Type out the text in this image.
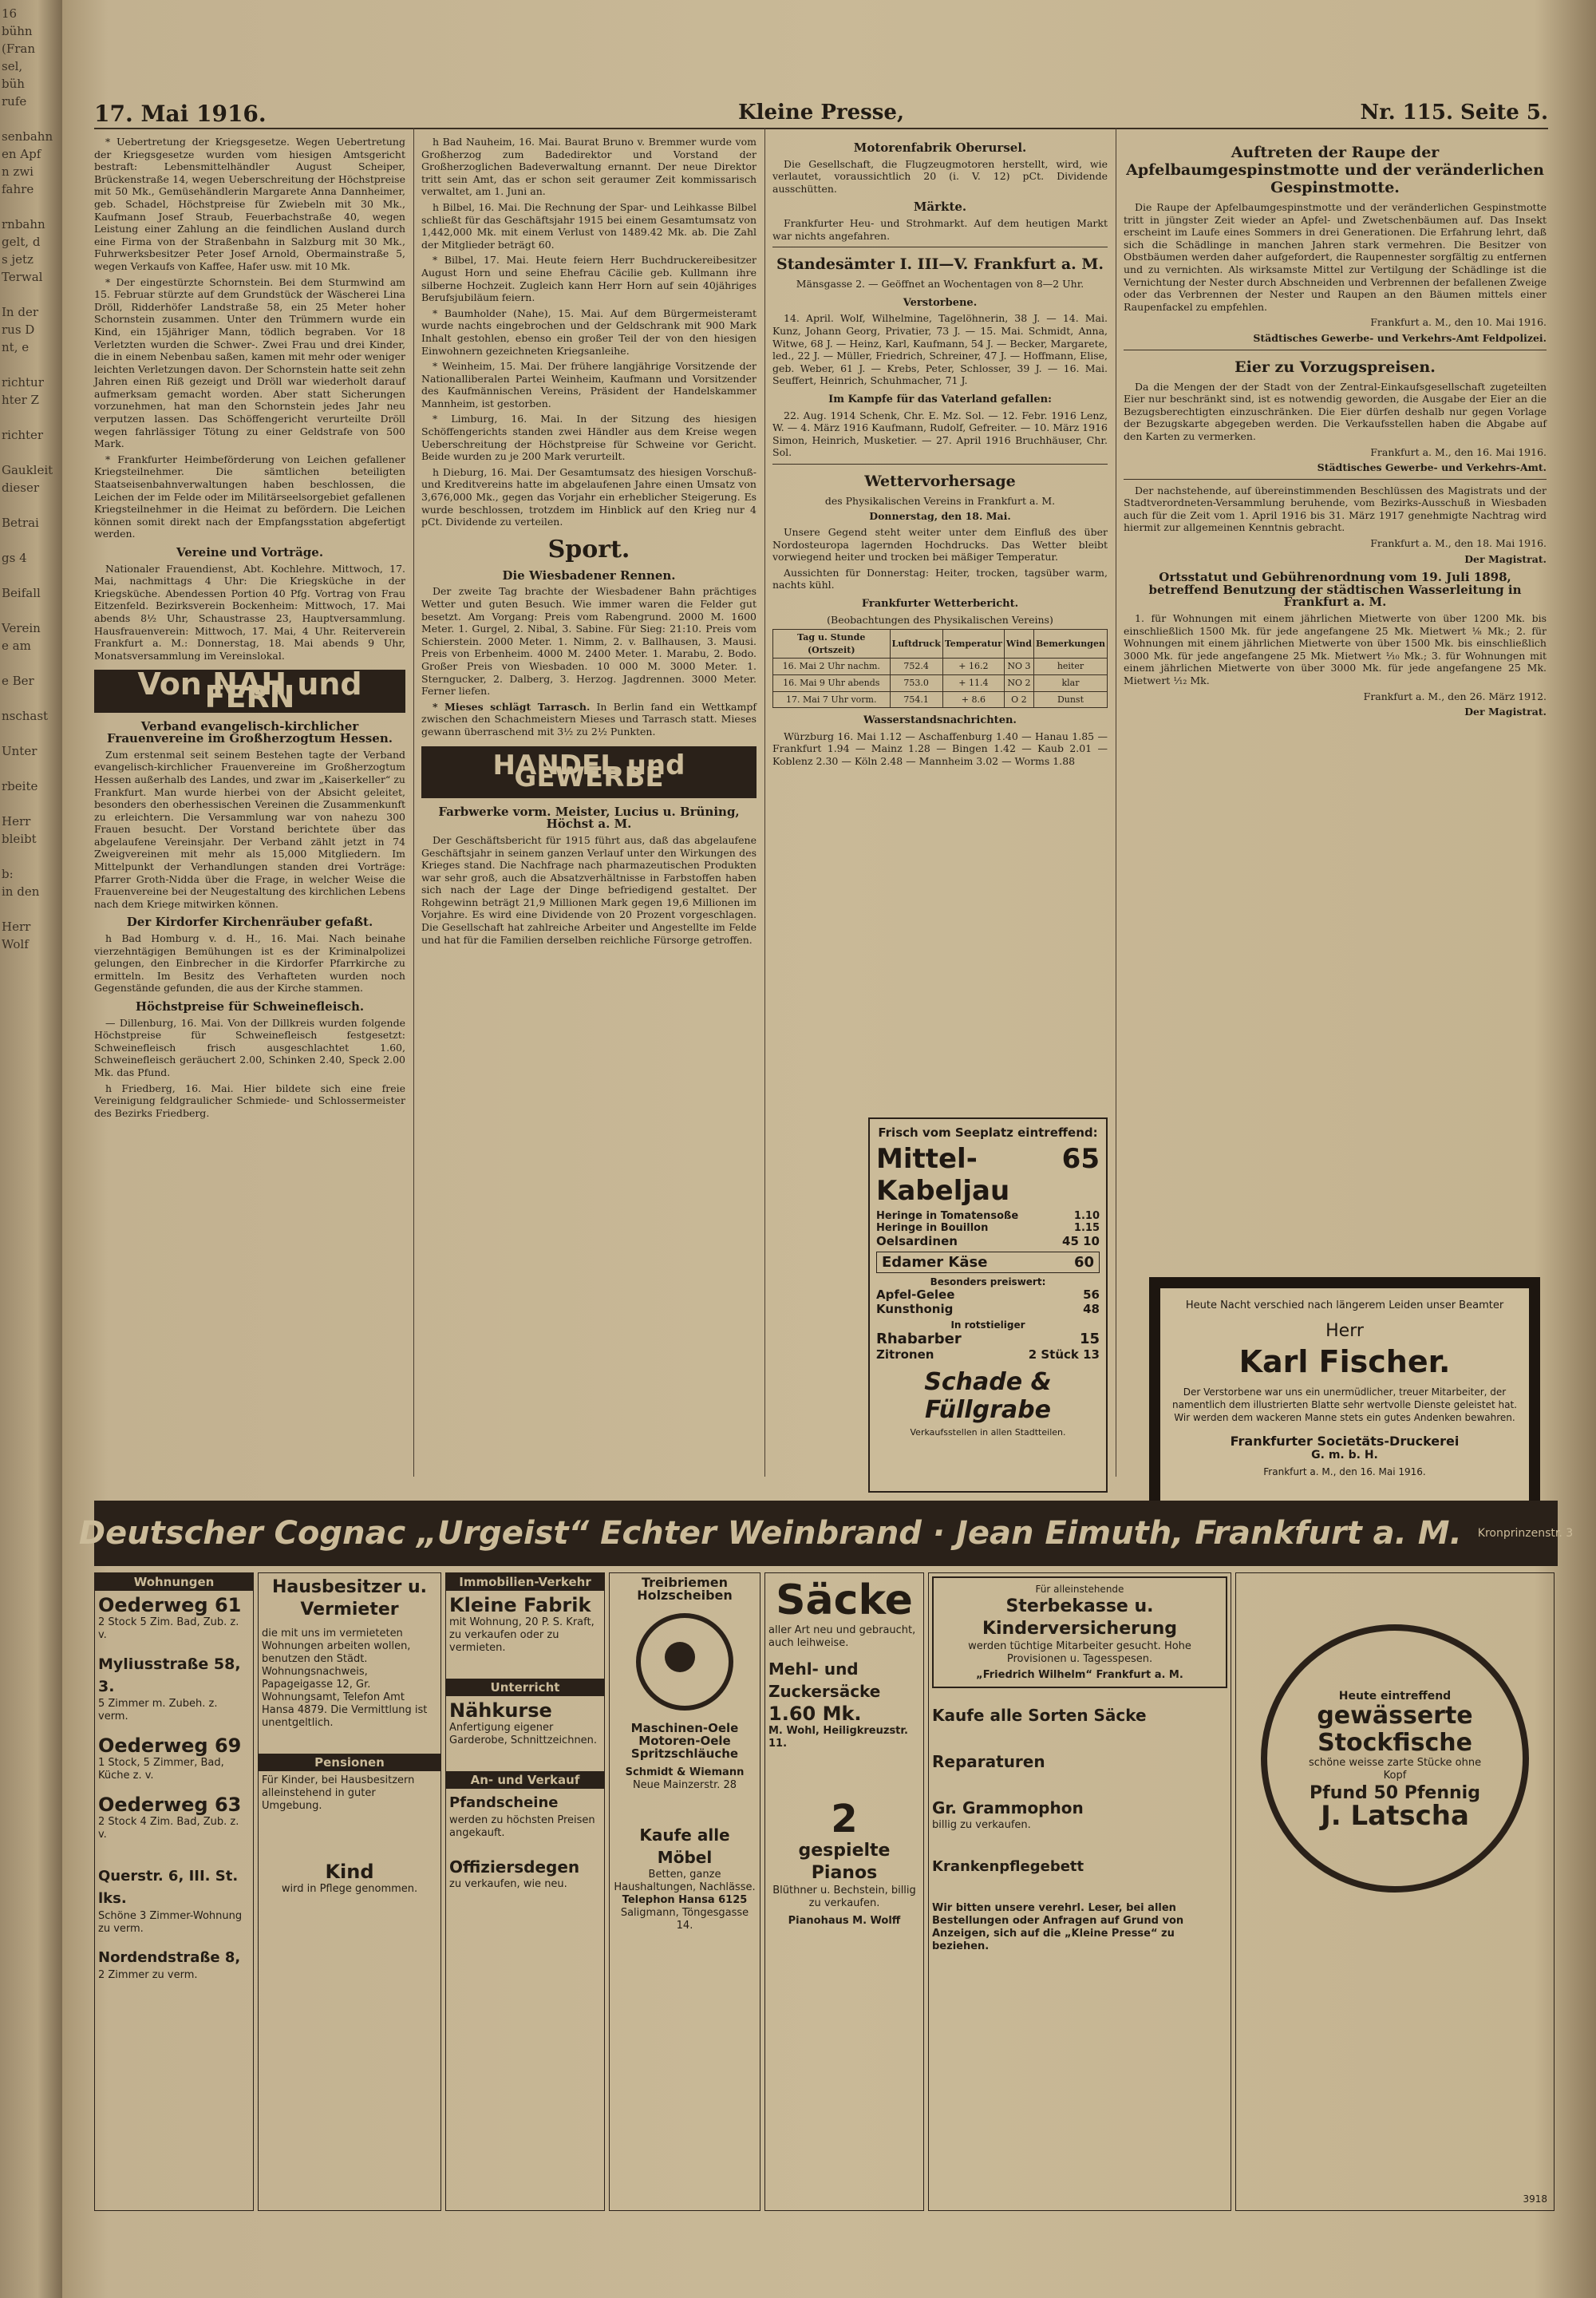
16
bühn
(Fran
sel,
büh
rufe

senbahn
en Apf
n zwi
fahre

rnbahn
gelt, d
s jetz
Terwal

In der
rus D
nt, e

richtur
hter Z

richter

Gaukleit
dieser

Betrai

gs 4

Beifall

Verein
e am

e Ber

nschast

Unter

rbeite

Herr
bleibt

b:
in den

Herr
Wolf
17. Mai 1916.	Kleine Presse,	Nr. 115. Seite 5.

* Uebertretung der Kriegsgesetze. Wegen Uebertretung der Kriegsgesetze wurden vom hiesigen Amtsgericht bestraft: Lebensmittelhändler August Scheiper, Brückenstraße 14, wegen Ueberschreitung der Höchstpreise mit 50 Mk., Gemüsehändlerin Margarete Anna Dannheimer, geb. Schadel, Höchstpreise für Zwiebeln mit 30 Mk., Kaufmann Josef Straub, Feuerbachstraße 40, wegen Leistung einer Zahlung an die feindlichen Ausland durch eine Firma von der Straßenbahn in Salzburg mit 30 Mk., Fuhrwerksbesitzer Peter Josef Arnold, Obermainstraße 5, wegen Verkaufs von Kaffee, Hafer usw. mit 10 Mk.

* Der eingestürzte Schornstein. Bei dem Sturmwind am 15. Februar stürzte auf dem Grundstück der Wäscherei Lina Dröll, Ridderhöfer Landstraße 58, ein 25 Meter hoher Schornstein zusammen. Unter den Trümmern wurde ein Kind, ein 15jähriger Mann, tödlich begraben. Vor 18 Verletzten wurden die Schwer-. Zwei Frau und drei Kinder, die in einem Nebenbau saßen, kamen mit mehr oder weniger leichten Verletzungen davon. Der Schornstein hatte seit zehn Jahren einen Riß gezeigt und Dröll war wiederholt darauf aufmerksam gemacht worden. Aber statt Sicherungen vorzunehmen, hat man den Schornstein jedes Jahr neu verputzen lassen. Das Schöffengericht verurteilte Dröll wegen fahrlässiger Tötung zu einer Geldstrafe von 500 Mark.

* Frankfurter Heimbeförderung von Leichen gefallener Kriegsteilnehmer. Die sämtlichen beteiligten Staatseisenbahnverwaltungen haben beschlossen, die Leichen der im Felde oder im Militärseelsorgebiet gefallenen Kriegsteilnehmer in die Heimat zu befördern. Die Leichen können somit direkt nach der Empfangsstation abgefertigt werden.

Vereine und Vorträge.

Nationaler Frauendienst, Abt. Kochlehre. Mittwoch, 17. Mai, nachmittags 4 Uhr: Die Kriegsküche in der Kriegsküche. Abendessen Portion 40 Pfg. Vortrag von Frau Eitzenfeld. Bezirksverein Bockenheim: Mittwoch, 17. Mai abends 8½ Uhr, Schaustrasse 23, Hauptversammlung. Hausfrauenverein: Mittwoch, 17. Mai, 4 Uhr. Reiterverein Frankfurt a. M.: Donnerstag, 18. Mai abends 9 Uhr, Monatsversammlung im Vereinslokal.

Von NAH und FERN
Verband evangelisch-kirchlicher Frauenvereine im Großherzogtum Hessen.

Zum erstenmal seit seinem Bestehen tagte der Verband evangelisch-kirchlicher Frauenvereine im Großherzogtum Hessen außerhalb des Landes, und zwar im „Kaiserkeller“ zu Frankfurt. Man wurde hierbei von der Absicht geleitet, besonders den oberhessischen Vereinen die Zusammenkunft zu erleichtern. Die Versammlung war von nahezu 300 Frauen besucht. Der Vorstand berichtete über das abgelaufene Vereinsjahr. Der Verband zählt jetzt in 74 Zweigvereinen mit mehr als 15,000 Mitgliedern. Im Mittelpunkt der Verhandlungen standen drei Vorträge: Pfarrer Groth-Nidda über die Frage, in welcher Weise die Frauenvereine bei der Neugestaltung des kirchlichen Lebens nach dem Kriege mitwirken können.

Der Kirdorfer Kirchenräuber gefaßt.

h Bad Homburg v. d. H., 16. Mai. Nach beinahe vierzehntägigen Bemühungen ist es der Kriminalpolizei gelungen, den Einbrecher in die Kirdorfer Pfarrkirche zu ermitteln. Im Besitz des Verhafteten wurden noch Gegenstände gefunden, die aus der Kirche stammen.

Höchstpreise für Schweinefleisch.

— Dillenburg, 16. Mai. Von der Dillkreis wurden folgende Höchstpreise für Schweinefleisch festgesetzt: Schweinefleisch frisch ausgeschlachtet 1.60, Schweinefleisch geräuchert 2.00, Schinken 2.40, Speck 2.00 Mk. das Pfund.

h Friedberg, 16. Mai. Hier bildete sich eine freie Vereinigung feldgraulicher Schmiede- und Schlossermeister des Bezirks Friedberg.

h Bad Nauheim, 16. Mai. Baurat Bruno v. Bremmer wurde vom Großherzog zum Badedirektor und Vorstand der Großherzoglichen Badeverwaltung ernannt. Der neue Direktor tritt sein Amt, das er schon seit geraumer Zeit kommissarisch verwaltet, am 1. Juni an.

h Bilbel, 16. Mai. Die Rechnung der Spar- und Leihkasse Bilbel schließt für das Geschäftsjahr 1915 bei einem Gesamtumsatz von 1,442,000 Mk. mit einem Verlust von 1489.42 Mk. ab. Die Zahl der Mitglieder beträgt 60.

* Bilbel, 17. Mai. Heute feiern Herr Buchdruckereibesitzer August Horn und seine Ehefrau Cäcilie geb. Kullmann ihre silberne Hochzeit. Zugleich kann Herr Horn auf sein 40jähriges Berufsjubiläum feiern.

* Baumholder (Nahe), 15. Mai. Auf dem Bürgermeisteramt wurde nachts eingebrochen und der Geldschrank mit 900 Mark Inhalt gestohlen, ebenso ein großer Teil der von den hiesigen Einwohnern gezeichneten Kriegsanleihe.

* Weinheim, 15. Mai. Der frühere langjährige Vorsitzende der Nationalliberalen Partei Weinheim, Kaufmann und Vorsitzender des Kaufmännischen Vereins, Präsident der Handelskammer Mannheim, ist gestorben.

* Limburg, 16. Mai. In der Sitzung des hiesigen Schöffengerichts standen zwei Händler aus dem Kreise wegen Ueberschreitung der Höchstpreise für Schweine vor Gericht. Beide wurden zu je 200 Mark verurteilt.

h Dieburg, 16. Mai. Der Gesamtumsatz des hiesigen Vorschuß- und Kreditvereins hatte im abgelaufenen Jahre einen Umsatz von 3,676,000 Mk., gegen das Vorjahr ein erheblicher Steigerung. Es wurde beschlossen, trotzdem im Hinblick auf den Krieg nur 4 pCt. Dividende zu verteilen.

Sport.
Die Wiesbadener Rennen.

Der zweite Tag brachte der Wiesbadener Bahn prächtiges Wetter und guten Besuch. Wie immer waren die Felder gut besetzt. Am Vorgang: Preis vom Rabengrund. 2000 M. 1600 Meter. 1. Gurgel, 2. Nibal, 3. Sabine. Für Sieg: 21:10. Preis vom Schierstein. 2000 Meter. 1. Nimm, 2. v. Ballhausen, 3. Mausi. Preis von Erbenheim. 4000 M. 2400 Meter. 1. Marabu, 2. Bodo. Großer Preis von Wiesbaden. 10 000 M. 3000 Meter. 1. Sterngucker, 2. Dalberg, 3. Herzog. Jagdrennen. 3000 Meter. Ferner liefen.

* Mieses schlägt Tarrasch. In Berlin fand ein Wettkampf zwischen den Schachmeistern Mieses und Tarrasch statt. Mieses gewann überraschend mit 3½ zu 2½ Punkten.

HANDEL und GEWERBE
Farbwerke vorm. Meister, Lucius u. Brüning, Höchst a. M.

Der Geschäftsbericht für 1915 führt aus, daß das abgelaufene Geschäftsjahr in seinem ganzen Verlauf unter den Wirkungen des Krieges stand. Die Nachfrage nach pharmazeutischen Produkten war sehr groß, auch die Absatzverhältnisse in Farbstoffen haben sich nach der Lage der Dinge befriedigend gestaltet. Der Rohgewinn beträgt 21,9 Millionen Mark gegen 19,6 Millionen im Vorjahre. Es wird eine Dividende von 20 Prozent vorgeschlagen. Die Gesellschaft hat zahlreiche Arbeiter und Angestellte im Felde und hat für die Familien derselben reichliche Fürsorge getroffen.

Motorenfabrik Oberursel.

Die Gesellschaft, die Flugzeugmotoren herstellt, wird, wie verlautet, voraussichtlich 20 (i. V. 12) pCt. Dividende ausschütten.

Märkte.

Frankfurter Heu- und Strohmarkt. Auf dem heutigen Markt war nichts angefahren.

Standesämter I. III—V. Frankfurt a. M.

Mänsgasse 2. — Geöffnet an Wochentagen von 8—2 Uhr.

Verstorbene.

14. April. Wolf, Wilhelmine, Tagelöhnerin, 38 J. — 14. Mai. Kunz, Johann Georg, Privatier, 73 J. — 15. Mai. Schmidt, Anna, Witwe, 68 J. — Heinz, Karl, Kaufmann, 54 J. — Becker, Margarete, led., 22 J. — Müller, Friedrich, Schreiner, 47 J. — Hoffmann, Elise, geb. Weber, 61 J. — Krebs, Peter, Schlosser, 39 J. — 16. Mai. Seuffert, Heinrich, Schuhmacher, 71 J.

Im Kampfe für das Vaterland gefallen:

22. Aug. 1914 Schenk, Chr. E. Mz. Sol. — 12. Febr. 1916 Lenz, W. — 4. März 1916 Kaufmann, Rudolf, Gefreiter. — 10. März 1916 Simon, Heinrich, Musketier. — 27. April 1916 Bruchhäuser, Chr. Sol.

Wettervorhersage

des Physikalischen Vereins in Frankfurt a. M.

Donnerstag, den 18. Mai.

Unsere Gegend steht weiter unter dem Einfluß des über Nordosteuropa lagernden Hochdrucks. Das Wetter bleibt vorwiegend heiter und trocken bei mäßiger Temperatur.

Aussichten für Donnerstag: Heiter, trocken, tagsüber warm, nachts kühl.

Frankfurter Wetterbericht.

(Beobachtungen des Physikalischen Vereins)

Tag u. Stunde (Ortszeit)	Luftdruck	Temperatur	Wind	Bemerkungen
16. Mai 2 Uhr nachm.	752.4	+ 16.2	NO 3	heiter
16. Mai 9 Uhr abends	753.0	+ 11.4	NO 2	klar
17. Mai 7 Uhr vorm.	754.1	+ 8.6	O 2	Dunst
Wasserstandsnachrichten.

Würzburg 16. Mai 1.12 — Aschaffenburg 1.40 — Hanau 1.85 — Frankfurt 1.94 — Mainz 1.28 — Bingen 1.42 — Kaub 2.01 — Koblenz 2.30 — Köln 2.48 — Mannheim 3.02 — Worms 1.88

Frisch vom Seeplatz eintreffend:
Mittel-Kabeljau
65
Heringe in Tomatensoße	1.10
Heringe in Bouillon	1.15
Oelsardinen	45 10
Edamer Käse	60
Besonders preiswert:
Apfel-Gelee	56
Kunsthonig	48
In rotstieliger
Rhabarber	15
Zitronen	2 Stück 13
Schade & Füllgrabe
Verkaufsstellen in allen Stadtteilen.
Auftreten der Raupe der Apfelbaumgespinstmotte und der veränderlichen Gespinstmotte.

Die Raupe der Apfelbaumgespinstmotte und der veränderlichen Gespinstmotte tritt in jüngster Zeit wieder an Apfel- und Zwetschenbäumen auf. Das Insekt erscheint im Laufe eines Sommers in drei Generationen. Die Erfahrung lehrt, daß sich die Schädlinge in manchen Jahren stark vermehren. Die Besitzer von Obstbäumen werden daher aufgefordert, die Raupennester sorgfältig zu entfernen und zu vernichten. Als wirksamste Mittel zur Vertilgung der Schädlinge ist die Vernichtung der Nester durch Abschneiden und Verbrennen der befallenen Zweige oder das Verbrennen der Nester und Raupen an den Bäumen mittels einer Raupenfackel zu empfehlen.

Frankfurt a. M., den 10. Mai 1916.

Städtisches Gewerbe- und Verkehrs-Amt Feldpolizei.

Eier zu Vorzugspreisen.

Da die Mengen der der Stadt von der Zentral-Einkaufsgesellschaft zugeteilten Eier nur beschränkt sind, ist es notwendig geworden, die Ausgabe der Eier an die Bezugsberechtigten einzuschränken. Die Eier dürfen deshalb nur gegen Vorlage der Bezugskarte abgegeben werden. Die Verkaufsstellen haben die Abgabe auf den Karten zu vermerken.

Frankfurt a. M., den 16. Mai 1916.

Städtisches Gewerbe- und Verkehrs-Amt.

Der nachstehende, auf übereinstimmenden Beschlüssen des Magistrats und der Stadtverordneten-Versammlung beruhende, vom Bezirks-Ausschuß in Wiesbaden auch für die Zeit vom 1. April 1916 bis 31. März 1917 genehmigte Nachtrag wird hiermit zur allgemeinen Kenntnis gebracht.

Frankfurt a. M., den 18. Mai 1916.

Der Magistrat.

Ortsstatut und Gebührenordnung vom 19. Juli 1898, betreffend Benutzung der städtischen Wasserleitung in Frankfurt a. M.

1. für Wohnungen mit einem jährlichen Mietwerte von über 1200 Mk. bis einschließlich 1500 Mk. für jede angefangene 25 Mk. Mietwert ⅛ Mk.; 2. für Wohnungen mit einem jährlichen Mietwerte von über 1500 Mk. bis einschließlich 3000 Mk. für jede angefangene 25 Mk. Mietwert ⅟₁₀ Mk.; 3. für Wohnungen mit einem jährlichen Mietwerte von über 3000 Mk. für jede angefangene 25 Mk. Mietwert ⅟₁₂ Mk.

Frankfurt a. M., den 26. März 1912.

Der Magistrat.

Heute Nacht verschied nach längerem Leiden unser Beamter
Herr
Karl Fischer.
Der Verstorbene war uns ein unermüdlicher, treuer Mitarbeiter, der namentlich dem illustrierten Blatte sehr wertvolle Dienste geleistet hat. Wir werden dem wackeren Manne stets ein gutes Andenken bewahren.
Frankfurter Societäts-Druckerei
G. m. b. H.
Frankfurt a. M., den 16. Mai 1916.
Deutscher Cognac „Urgeist“ Echter Weinbrand · Jean Eimuth, Frankfurt a. M. Kronprinzenstr. 3
Wohnungen
Oederweg 61
2 Stock 5 Zim. Bad, Zub. z. v.
Myliusstraße 58, 3.
5 Zimmer m. Zubeh. z. verm.
Oederweg 69
1 Stock, 5 Zimmer, Bad, Küche z. v.
Oederweg 63
2 Stock 4 Zim. Bad, Zub. z. v.
Querstr. 6, III. St. lks.
Schöne 3 Zimmer-Wohnung zu verm.
Nordendstraße 8,
2 Zimmer zu verm.
Hausbesitzer u. Vermieter
die mit uns im vermieteten Wohnungen arbeiten wollen, benutzen den Städt. Wohnungsnachweis, Papageigasse 12, Gr. Wohnungsamt, Telefon Amt Hansa 4879. Die Vermittlung ist unentgeltlich.
Pensionen
Für Kinder, bei Hausbesitzern alleinstehend in guter Umgebung.
Kind
wird in Pflege genommen.
Immobilien-Verkehr
Kleine Fabrik
mit Wohnung, 20 P. S. Kraft, zu verkaufen oder zu vermieten.
Unterricht
Nähkurse
Anfertigung eigener Garderobe, Schnittzeichnen.
An- und Verkauf
Pfandscheine
werden zu höchsten Preisen angekauft.
Offiziersdegen
zu verkaufen, wie neu.
Treibriemen Holzscheiben
Maschinen-Oele Motoren-Oele Spritzschläuche
Schmidt & Wiemann
Neue Mainzerstr. 28
Kaufe alle Möbel
Betten, ganze Haushaltungen, Nachlässe.
Telephon Hansa 6125
Saligmann, Töngesgasse 14.
Säcke
aller Art neu und gebraucht, auch leihweise.
Mehl- und Zuckersäcke
1.60 Mk.
M. Wohl, Heiligkreuzstr. 11.
2
gespielte Pianos
Blüthner u. Bechstein, billig zu verkaufen.
Pianohaus M. Wolff
Für alleinstehende
Sterbekasse u. Kinderversicherung
werden tüchtige Mitarbeiter gesucht. Hohe Provisionen u. Tagesspesen.
„Friedrich Wilhelm“ Frankfurt a. M.
Kaufe alle Sorten Säcke
Reparaturen
Gr. Grammophon
billig zu verkaufen.
Krankenpflegebett
Wir bitten unsere verehrl. Leser, bei allen Bestellungen oder Anfragen auf Grund von Anzeigen, sich auf die „Kleine Presse“ zu beziehen.
Heute eintreffend
gewässerte Stockfische
schöne weisse zarte Stücke ohne Kopf
Pfund 50 Pfennig
J. Latscha
3918
